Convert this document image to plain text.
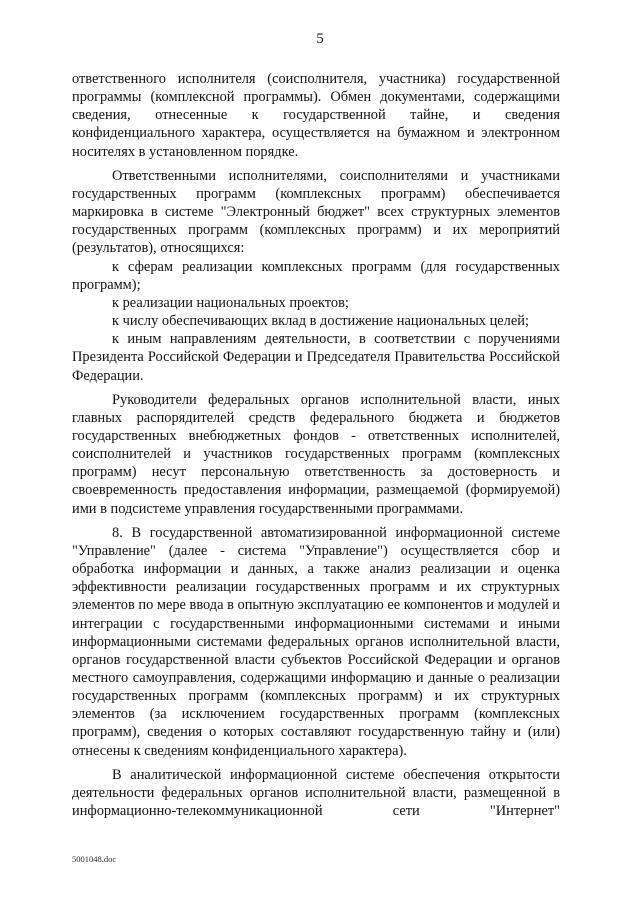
5

ответственного исполнителя (соисполнителя, участника) государственной программы (комплексной программы). Обмен документами, содержащими сведения, отнесенные к государственной тайне, и сведения конфиденциального характера, осуществляется на бумажном и электронном носителях в установленном порядке.

Ответственными исполнителями, соисполнителями и участниками государственных программ (комплексных программ) обеспечивается маркировка в системе "Электронный бюджет" всех структурных элементов государственных программ (комплексных программ) и их мероприятий (результатов), относящихся:

к сферам реализации комплексных программ (для государственных программ);

к реализации национальных проектов;

к числу обеспечивающих вклад в достижение национальных целей;

к иным направлениям деятельности, в соответствии с поручениями Президента Российской Федерации и Председателя Правительства Российской Федерации.

Руководители федеральных органов исполнительной власти, иных главных распорядителей средств федерального бюджета и бюджетов государственных внебюджетных фондов - ответственных исполнителей, соисполнителей и участников государственных программ (комплексных программ) несут персональную ответственность за достоверность и своевременность предоставления информации, размещаемой (формируемой) ими в подсистеме управления государственными программами.

8. В государственной автоматизированной информационной системе "Управление" (далее - система "Управление") осуществляется сбор и обработка информации и данных, а также анализ реализации и оценка эффективности реализации государственных программ и их структурных элементов по мере ввода в опытную эксплуатацию ее компонентов и модулей и интеграции с государственными информационными системами и иными информационными системами федеральных органов исполнительной власти, органов государственной власти субъектов Российской Федерации и органов местного самоуправления, содержащими информацию и данные о реализации государственных программ (комплексных программ) и их структурных элементов (за исключением государственных программ (комплексных программ), сведения о которых составляют государственную тайну и (или) отнесены к сведениям конфиденциального характера).

В аналитической информационной системе обеспечения открытости деятельности федеральных органов исполнительной власти, размещенной в информационно-телекоммуникационной сети "Интернет"

5001048.doc
